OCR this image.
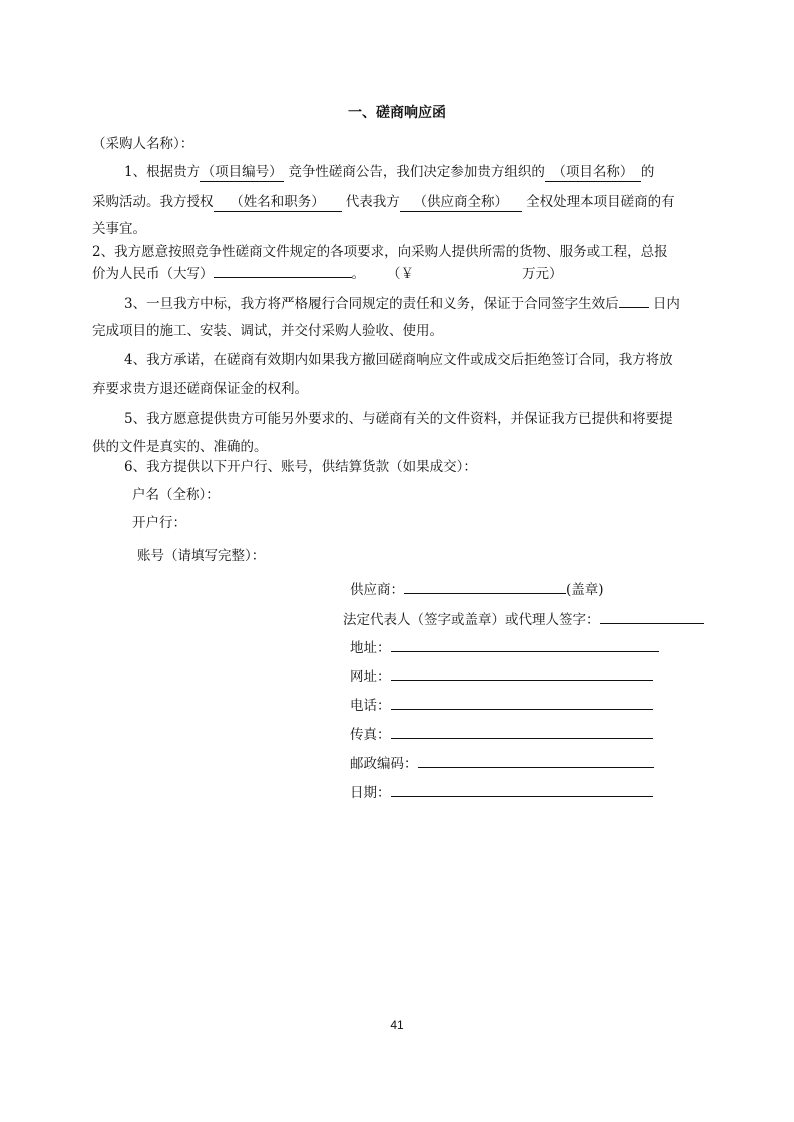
一、磋商响应函
（采购人名称）：
1、根据贵方 （项目编号） 竞争性磋商公告，我们决定参加贵方组织的 （项目名称） 的
采购活动。我方授权 （姓名和职务） 代表我方 （供应商全称） 全权处理本项目磋商的有
关事宜。
2、我方愿意按照竞争性磋商文件规定的各项要求，向采购人提供所需的货物、服务或工程，总报
价为人民币（大写）	。 （￥	万元）
3、一旦我方中标，我方将严格履行合同规定的责任和义务，保证于合同签字生效后 日内
完成项目的施工、安装、调试，并交付采购人验收、使用。
4、我方承诺，在磋商有效期内如果我方撤回磋商响应文件或成交后拒绝签订合同，我方将放
弃要求贵方退还磋商保证金的权利。
5、我方愿意提供贵方可能另外要求的、与磋商有关的文件资料，并保证我方已提供和将要提
供的文件是真实的、准确的。
6、我方提供以下开户行、账号，供结算货款（如果成交）：
户名（全称）：
开户行：
账号（请填写完整）：
供应商：	(盖章)
法定代表人（签字或盖章）或代理人签字：
地址：
网址：
电话：
传真：
邮政编码：
日期：
41
